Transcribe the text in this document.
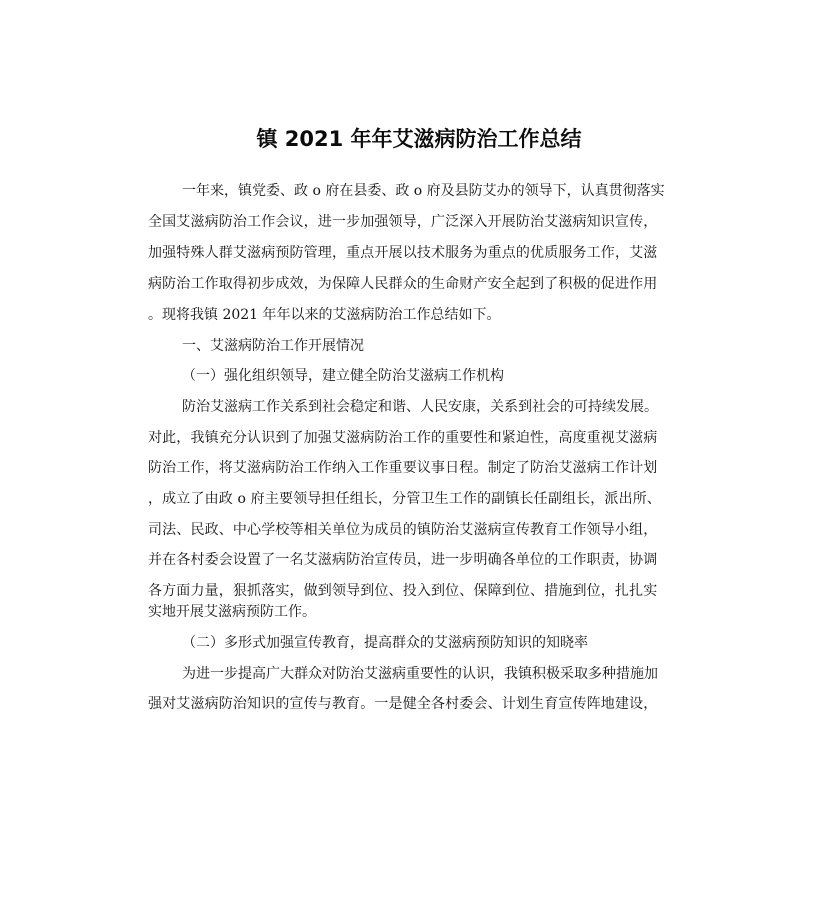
镇 2021 年年艾滋病防治工作总结
一年来，镇党委、政 o 府在县委、政 o 府及县防艾办的领导下，认真贯彻落实
全国艾滋病防治工作会议，进一步加强领导，广泛深入开展防治艾滋病知识宣传，
加强特殊人群艾滋病预防管理，重点开展以技术服务为重点的优质服务工作，艾滋
病防治工作取得初步成效，为保障人民群众的生命财产安全起到了积极的促进作用
。现将我镇 2021 年年以来的艾滋病防治工作总结如下。
一、艾滋病防治工作开展情况
（一）强化组织领导，建立健全防治艾滋病工作机构
防治艾滋病工作关系到社会稳定和谐、人民安康，关系到社会的可持续发展。
对此，我镇充分认识到了加强艾滋病防治工作的重要性和紧迫性，高度重视艾滋病
防治工作，将艾滋病防治工作纳入工作重要议事日程。制定了防治艾滋病工作计划
，成立了由政 o 府主要领导担任组长，分管卫生工作的副镇长任副组长，派出所、
司法、民政、中心学校等相关单位为成员的镇防治艾滋病宣传教育工作领导小组，
并在各村委会设置了一名艾滋病防治宣传员，进一步明确各单位的工作职责，协调
各方面力量，狠抓落实，做到领导到位、投入到位、保障到位、措施到位，扎扎实
实地开展艾滋病预防工作。
（二）多形式加强宣传教育，提高群众的艾滋病预防知识的知晓率
为进一步提高广大群众对防治艾滋病重要性的认识，我镇积极采取多种措施加
强对艾滋病防治知识的宣传与教育。一是健全各村委会、计划生育宣传阵地建设，
